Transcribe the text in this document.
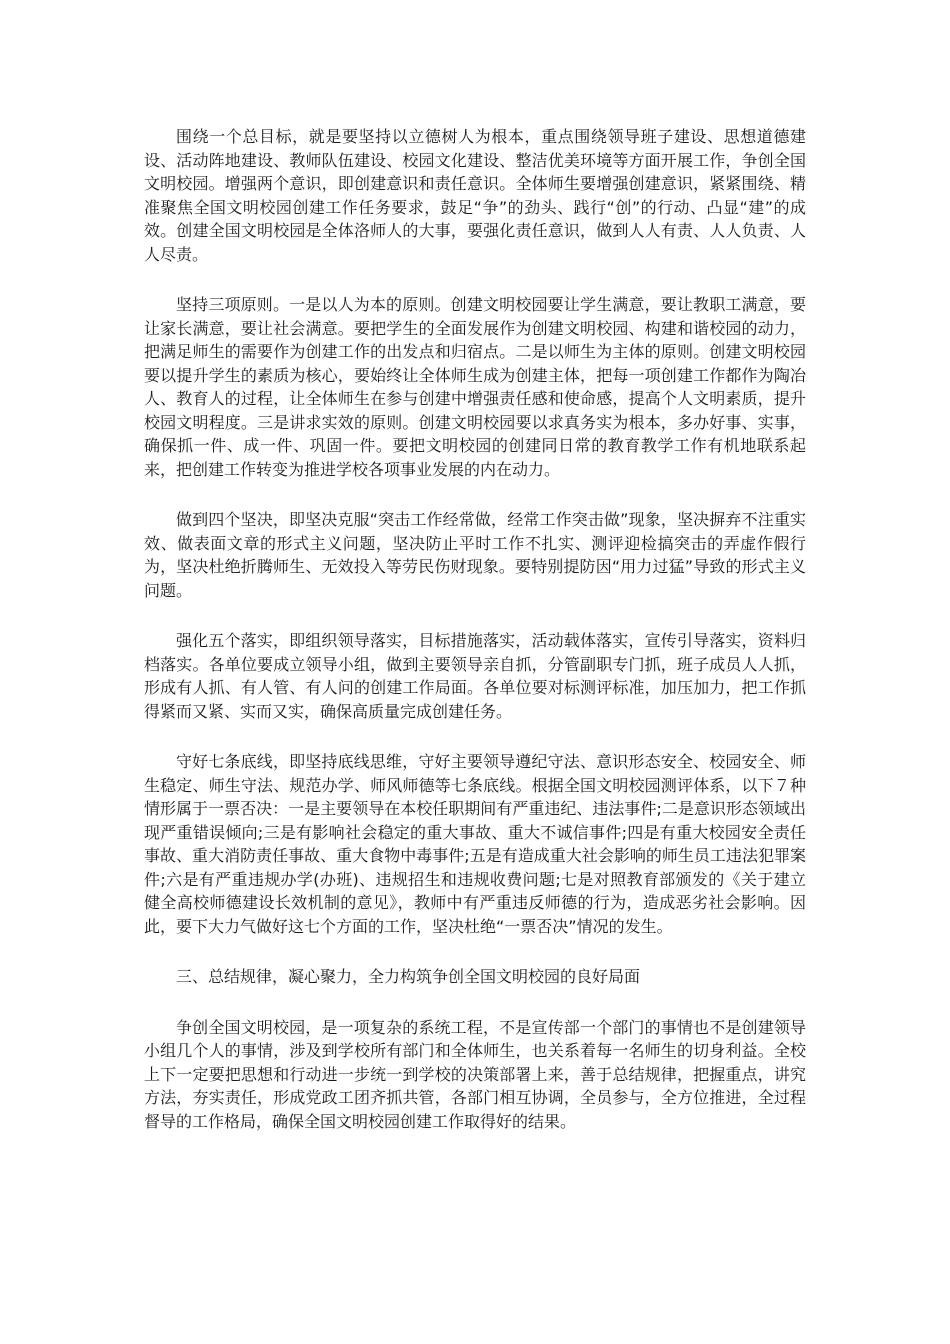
围绕一个总目标，就是要坚持以立德树人为根本，重点围绕领导班子建设、思想道德建设、活动阵地建设、教师队伍建设、校园文化建设、整洁优美环境等方面开展工作，争创全国文明校园。增强两个意识，即创建意识和责任意识。全体师生要增强创建意识，紧紧围绕、精准聚焦全国文明校园创建工作任务要求，鼓足“争”的劲头、践行“创”的行动、凸显“建”的成效。创建全国文明校园是全体洛师人的大事，要强化责任意识，做到人人有责、人人负责、人人尽责。

坚持三项原则。一是以人为本的原则。创建文明校园要让学生满意，要让教职工满意，要让家长满意，要让社会满意。要把学生的全面发展作为创建文明校园、构建和谐校园的动力，把满足师生的需要作为创建工作的出发点和归宿点。二是以师生为主体的原则。创建文明校园要以提升学生的素质为核心，要始终让全体师生成为创建主体，把每一项创建工作都作为陶冶人、教育人的过程，让全体师生在参与创建中增强责任感和使命感，提高个人文明素质，提升校园文明程度。三是讲求实效的原则。创建文明校园要以求真务实为根本，多办好事、实事，确保抓一件、成一件、巩固一件。要把文明校园的创建同日常的教育教学工作有机地联系起来，把创建工作转变为推进学校各项事业发展的内在动力。

做到四个坚决，即坚决克服“突击工作经常做，经常工作突击做”现象，坚决摒弃不注重实效、做表面文章的形式主义问题，坚决防止平时工作不扎实、测评迎检搞突击的弄虚作假行为，坚决杜绝折腾师生、无效投入等劳民伤财现象。要特别提防因“用力过猛”导致的形式主义问题。

强化五个落实，即组织领导落实，目标措施落实，活动载体落实，宣传引导落实，资料归档落实。各单位要成立领导小组，做到主要领导亲自抓，分管副职专门抓，班子成员人人抓，形成有人抓、有人管、有人问的创建工作局面。各单位要对标测评标准，加压加力，把工作抓得紧而又紧、实而又实，确保高质量完成创建任务。

守好七条底线，即坚持底线思维，守好主要领导遵纪守法、意识形态安全、校园安全、师生稳定、师生守法、规范办学、师风师德等七条底线。根据全国文明校园测评体系，以下７种情形属于一票否决：一是主要领导在本校任职期间有严重违纪、违法事件;二是意识形态领域出现严重错误倾向;三是有影响社会稳定的重大事故、重大不诚信事件;四是有重大校园安全责任事故、重大消防责任事故、重大食物中毒事件;五是有造成重大社会影响的师生员工违法犯罪案件;六是有严重违规办学(办班)、违规招生和违规收费问题;七是对照教育部颁发的《关于建立健全高校师德建设长效机制的意见》，教师中有严重违反师德的行为，造成恶劣社会影响。因此，要下大力气做好这七个方面的工作，坚决杜绝“一票否决”情况的发生。

三、总结规律，凝心聚力，全力构筑争创全国文明校园的良好局面

争创全国文明校园，是一项复杂的系统工程，不是宣传部一个部门的事情也不是创建领导小组几个人的事情，涉及到学校所有部门和全体师生，也关系着每一名师生的切身利益。全校上下一定要把思想和行动进一步统一到学校的决策部署上来，善于总结规律，把握重点，讲究方法，夯实责任，形成党政工团齐抓共管，各部门相互协调，全员参与，全方位推进，全过程督导的工作格局，确保全国文明校园创建工作取得好的结果。
